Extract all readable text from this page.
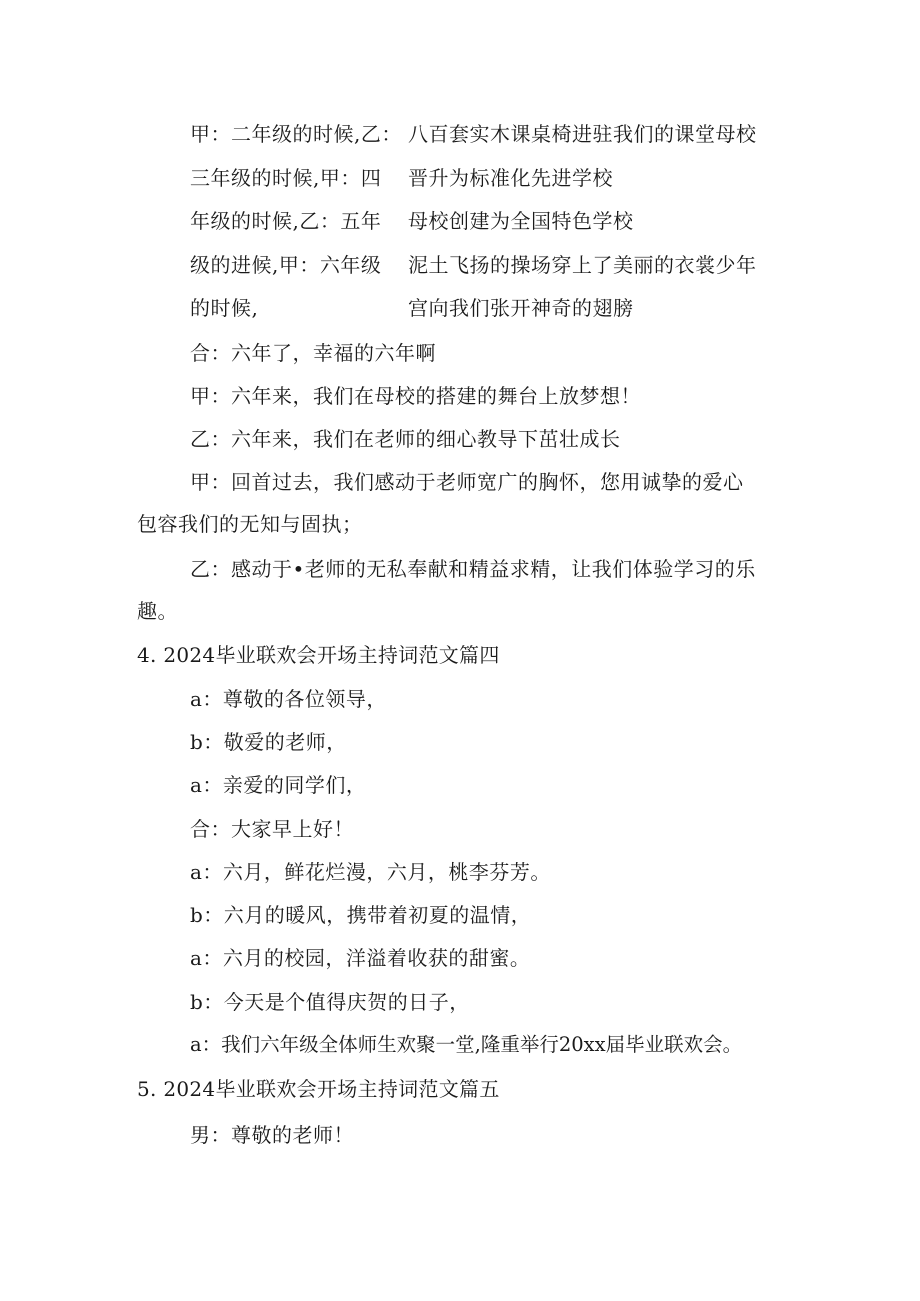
甲：二年级的时候,乙：
三年级的时候,甲：四
年级的时候,乙：五年
级的进候,甲：六年级
的时候,
八百套实木课桌椅进驻我们的课堂母校
晋升为标准化先进学校
母校创建为全国特色学校
泥土飞扬的操场穿上了美丽的衣裳少年
宫向我们张开神奇的翅膀
合：六年了，幸福的六年啊
甲：六年来，我们在母校的搭建的舞台上放梦想！
乙：六年来，我们在老师的细心教导下茁壮成长
甲：回首过去，我们感动于老师宽广的胸怀，您用诚挚的爱心
包容我们的无知与固执；
乙：感动于•老师的无私奉献和精益求精，让我们体验学习的乐
趣。
4. 2024毕业联欢会开场主持词范文篇四
a：尊敬的各位领导，
b：敬爱的老师，
a：亲爱的同学们，
合：大家早上好！
a：六月，鲜花烂漫，六月，桃李芬芳。
b：六月的暖风，携带着初夏的温情，
a：六月的校园，洋溢着收获的甜蜜。
b：今天是个值得庆贺的日子，
a：我们六年级全体师生欢聚一堂,隆重举行20xx届毕业联欢会。
5. 2024毕业联欢会开场主持词范文篇五
男：尊敬的老师！
